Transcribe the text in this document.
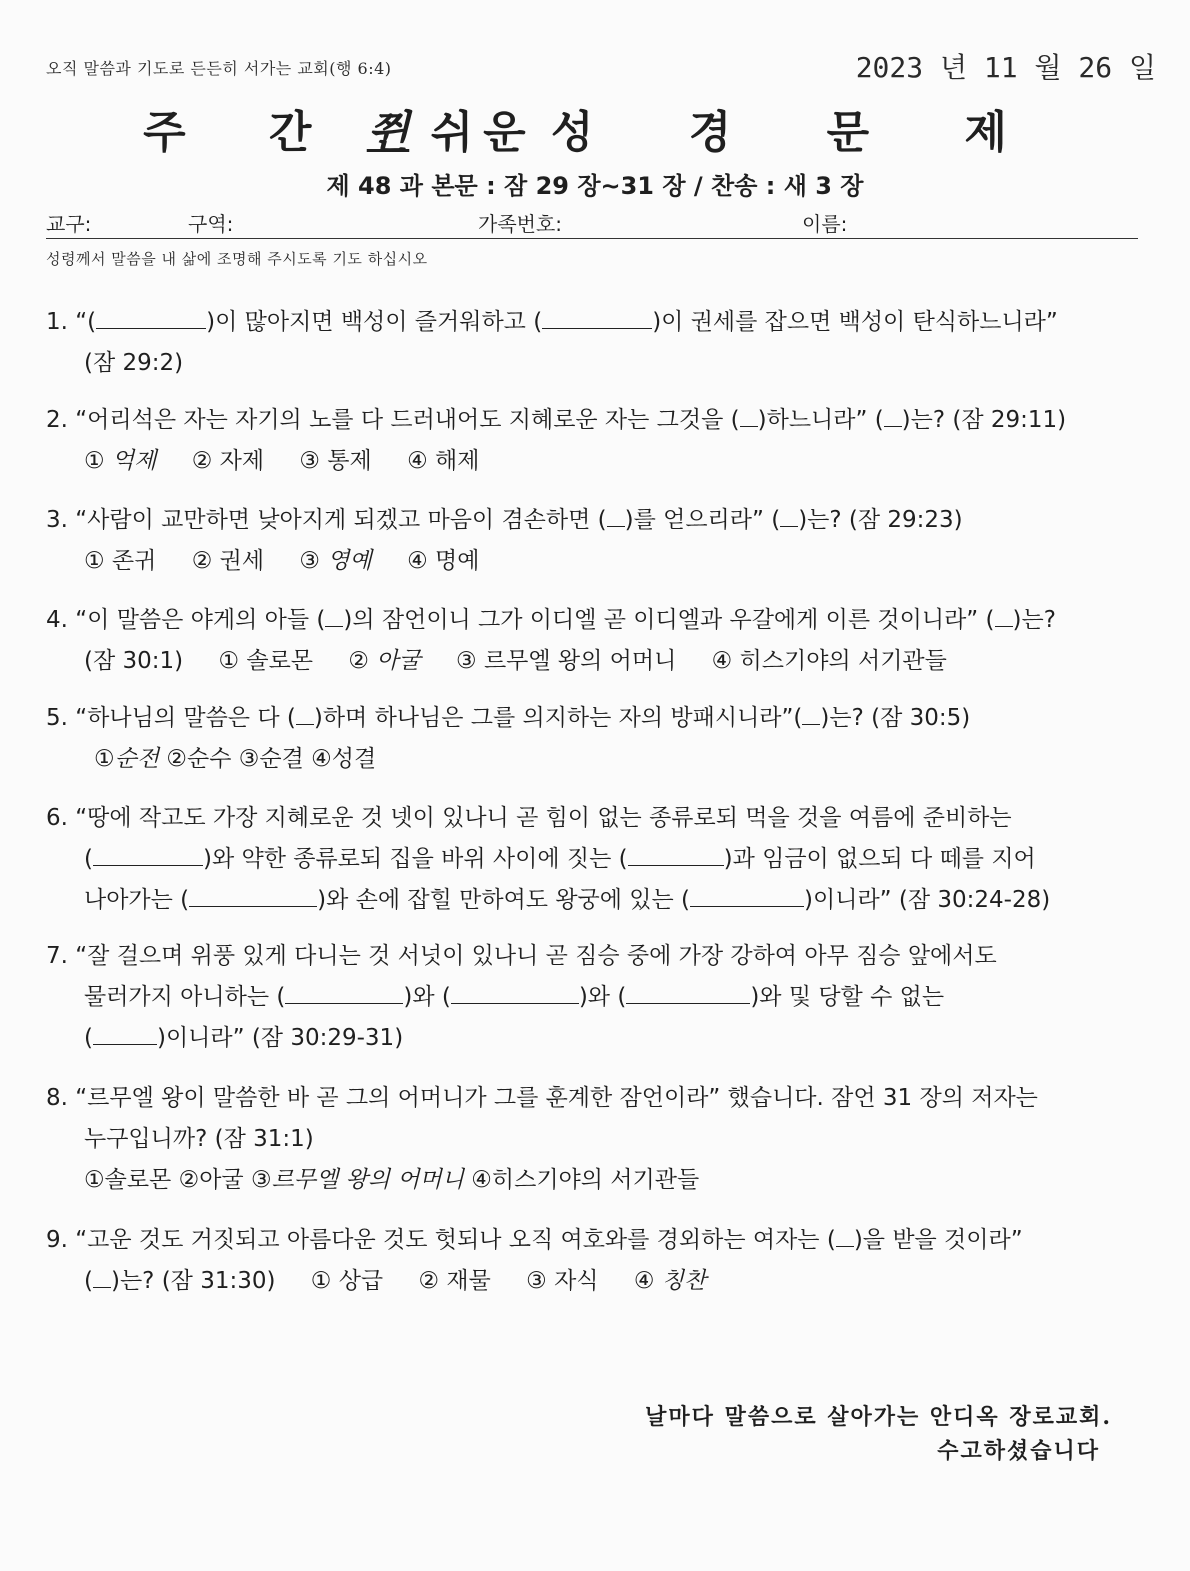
오직 말씀과 기도로 든든히 서가는 교회(행 6:4)	2023 년 11 월 26 일
주 간 쮠 쉬운 성 경 문 제
제 48 과 본문 : 잠 29 장~31 장 / 찬송 : 새 3 장
교구:	구역:	가족번호:	이름:
성령께서 말씀을 내 삶에 조명해 주시도록 기도 하십시오
1. “(	)이 많아지면 백성이 즐거워하고 (	)이 권세를 잡으면 백성이 탄식하느니라”
(잠 29:2)
2. “어리석은 자는 자기의 노를 다 드러내어도 지혜로운 자는 그것을 ( )하느니라” ( )는? (잠 29:11)
① 억제 ② 자제 ③ 통제 ④ 해제
3. “사람이 교만하면 낮아지게 되겠고 마음이 겸손하면 ( )를 얻으리라” ( )는? (잠 29:23)
① 존귀 ② 권세 ③ 영예 ④ 명예
4. “이 말씀은 야게의 아들 ( )의 잠언이니 그가 이디엘 곧 이디엘과 우갈에게 이른 것이니라” ( )는?
(잠 30:1) ① 솔로몬 ② 아굴 ③ 르무엘 왕의 어머니 ④ 히스기야의 서기관들
5. “하나님의 말씀은 다 ( )하며 하나님은 그를 의지하는 자의 방패시니라”( )는? (잠 30:5)
①순전 ②순수 ③순결 ④성결
6. “땅에 작고도 가장 지혜로운 것 넷이 있나니 곧 힘이 없는 종류로되 먹을 것을 여름에 준비하는
(	)와 약한 종류로되 집을 바위 사이에 짓는 (	)과 임금이 없으되 다 떼를 지어
나아가는 (	)와 손에 잡힐 만하여도 왕궁에 있는 (	)이니라” (잠 30:24-28)
7. “잘 걸으며 위풍 있게 다니는 것 서넛이 있나니 곧 짐승 중에 가장 강하여 아무 짐승 앞에서도
물러가지 아니하는 (	)와 (	)와 (	)와 및 당할 수 없는
(	)이니라” (잠 30:29-31)
8. “르무엘 왕이 말씀한 바 곧 그의 어머니가 그를 훈계한 잠언이라” 했습니다. 잠언 31 장의 저자는
누구입니까? (잠 31:1)
①솔로몬 ②아굴 ③르무엘 왕의 어머니 ④히스기야의 서기관들
9. “고운 것도 거짓되고 아름다운 것도 헛되나 오직 여호와를 경외하는 여자는 ( )을 받을 것이라”
( )는? (잠 31:30) ① 상급 ② 재물 ③ 자식 ④ 칭찬
날마다 말씀으로 살아가는 안디옥 장로교회.
수고하셨습니다
